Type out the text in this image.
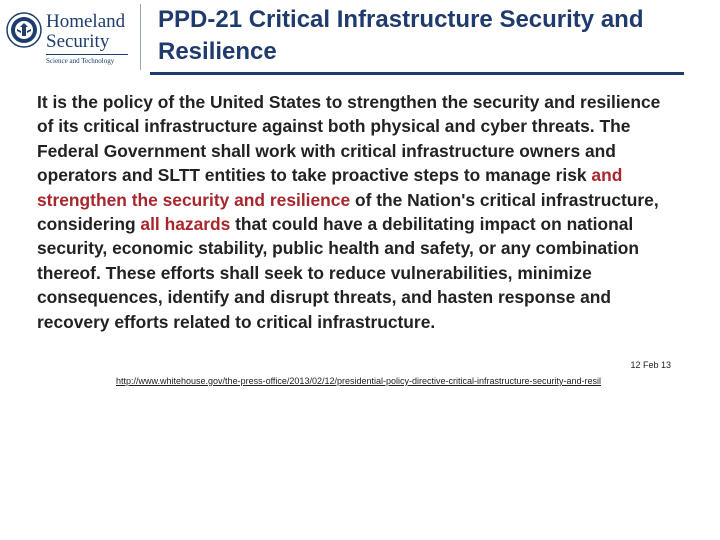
Homeland
Security
Science and Technology
PPD-21 Critical Infrastructure Security and Resilience

It is the policy of the United States to strengthen the security and resilience of its critical infrastructure against both physical and cyber threats. The Federal Government shall work with critical infrastructure owners and operators and SLTT entities to take proactive steps to manage risk and strengthen the security and resilience of the Nation's critical infrastructure, considering all hazards that could have a debilitating impact on national security, economic stability, public health and safety, or any combination thereof. These efforts shall seek to reduce vulnerabilities, minimize consequences, identify and disrupt threats, and hasten response and recovery efforts related to critical infrastructure.

12 Feb 13
http://www.whitehouse.gov/the-press-office/2013/02/12/presidential-policy-directive-critical-infrastructure-security-and-resil
